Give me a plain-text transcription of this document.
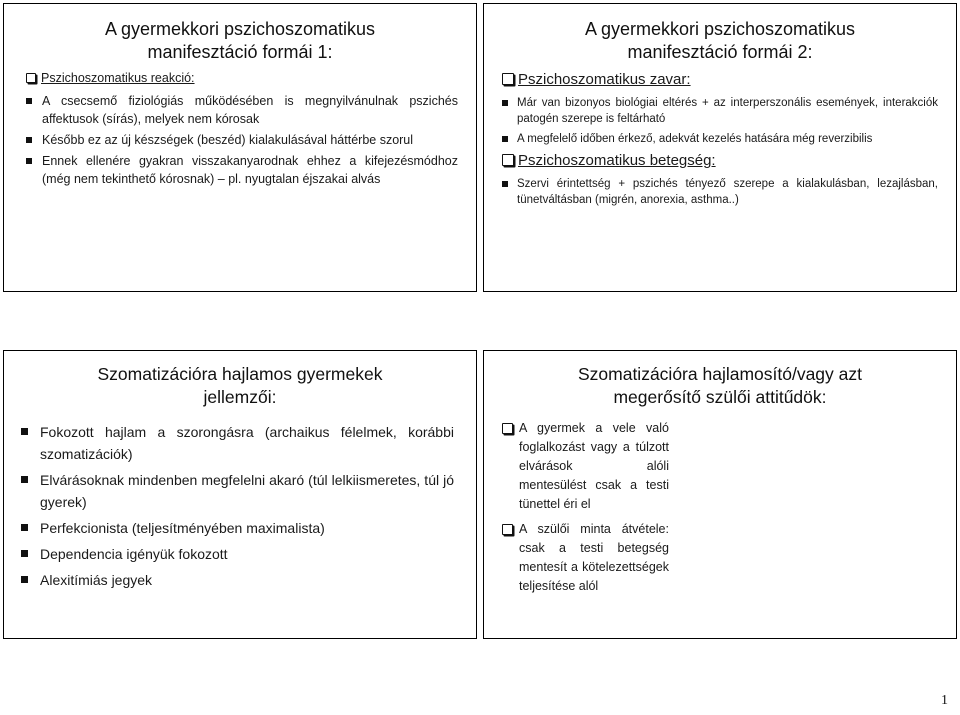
A gyermekkori pszichoszomatikus
manifesztáció formái 1:
Pszichoszomatikus reakció:
A csecsemő fiziológiás működésében is megnyilvánulnak pszichés affektusok (sírás), melyek nem kórosak
Később ez az új készségek (beszéd) kialakulásával háttérbe szorul
Ennek ellenére gyakran visszakanyarodnak ehhez a kifejezésmódhoz (még nem tekinthető kórosnak) – pl. nyugtalan éjszakai alvás
A gyermekkori pszichoszomatikus
manifesztáció formái 2:
Pszichoszomatikus zavar:
Már van bizonyos biológiai eltérés + az interperszonális események, interakciók patogén szerepe is feltárható
A megfelelő időben érkező, adekvát kezelés hatására még reverzibilis
Pszichoszomatikus betegség:
Szervi érintettség + pszichés tényező szerepe a kialakulásban, lezajlásban, tünetváltásban (migrén, anorexia, asthma..)
Szomatizációra hajlamos gyermekek
jellemzői:
Fokozott hajlam a szorongásra (archaikus félelmek, korábbi szomatizációk)
Elvárásoknak mindenben megfelelni akaró (túl lelkiismeretes, túl jó gyerek)
Perfekcionista (teljesítményében maximalista)
Dependencia igényük fokozott
Alexitímiás jegyek
Szomatizációra hajlamosító/vagy azt
megerősítő szülői attitűdök:
A gyermek a vele való foglalkozást vagy a túlzott elvárások alóli mentesülést csak a testi tünettel éri el
A szülői minta átvétele: csak a testi betegség mentesít a kötelezettségek teljesítése alól
1
